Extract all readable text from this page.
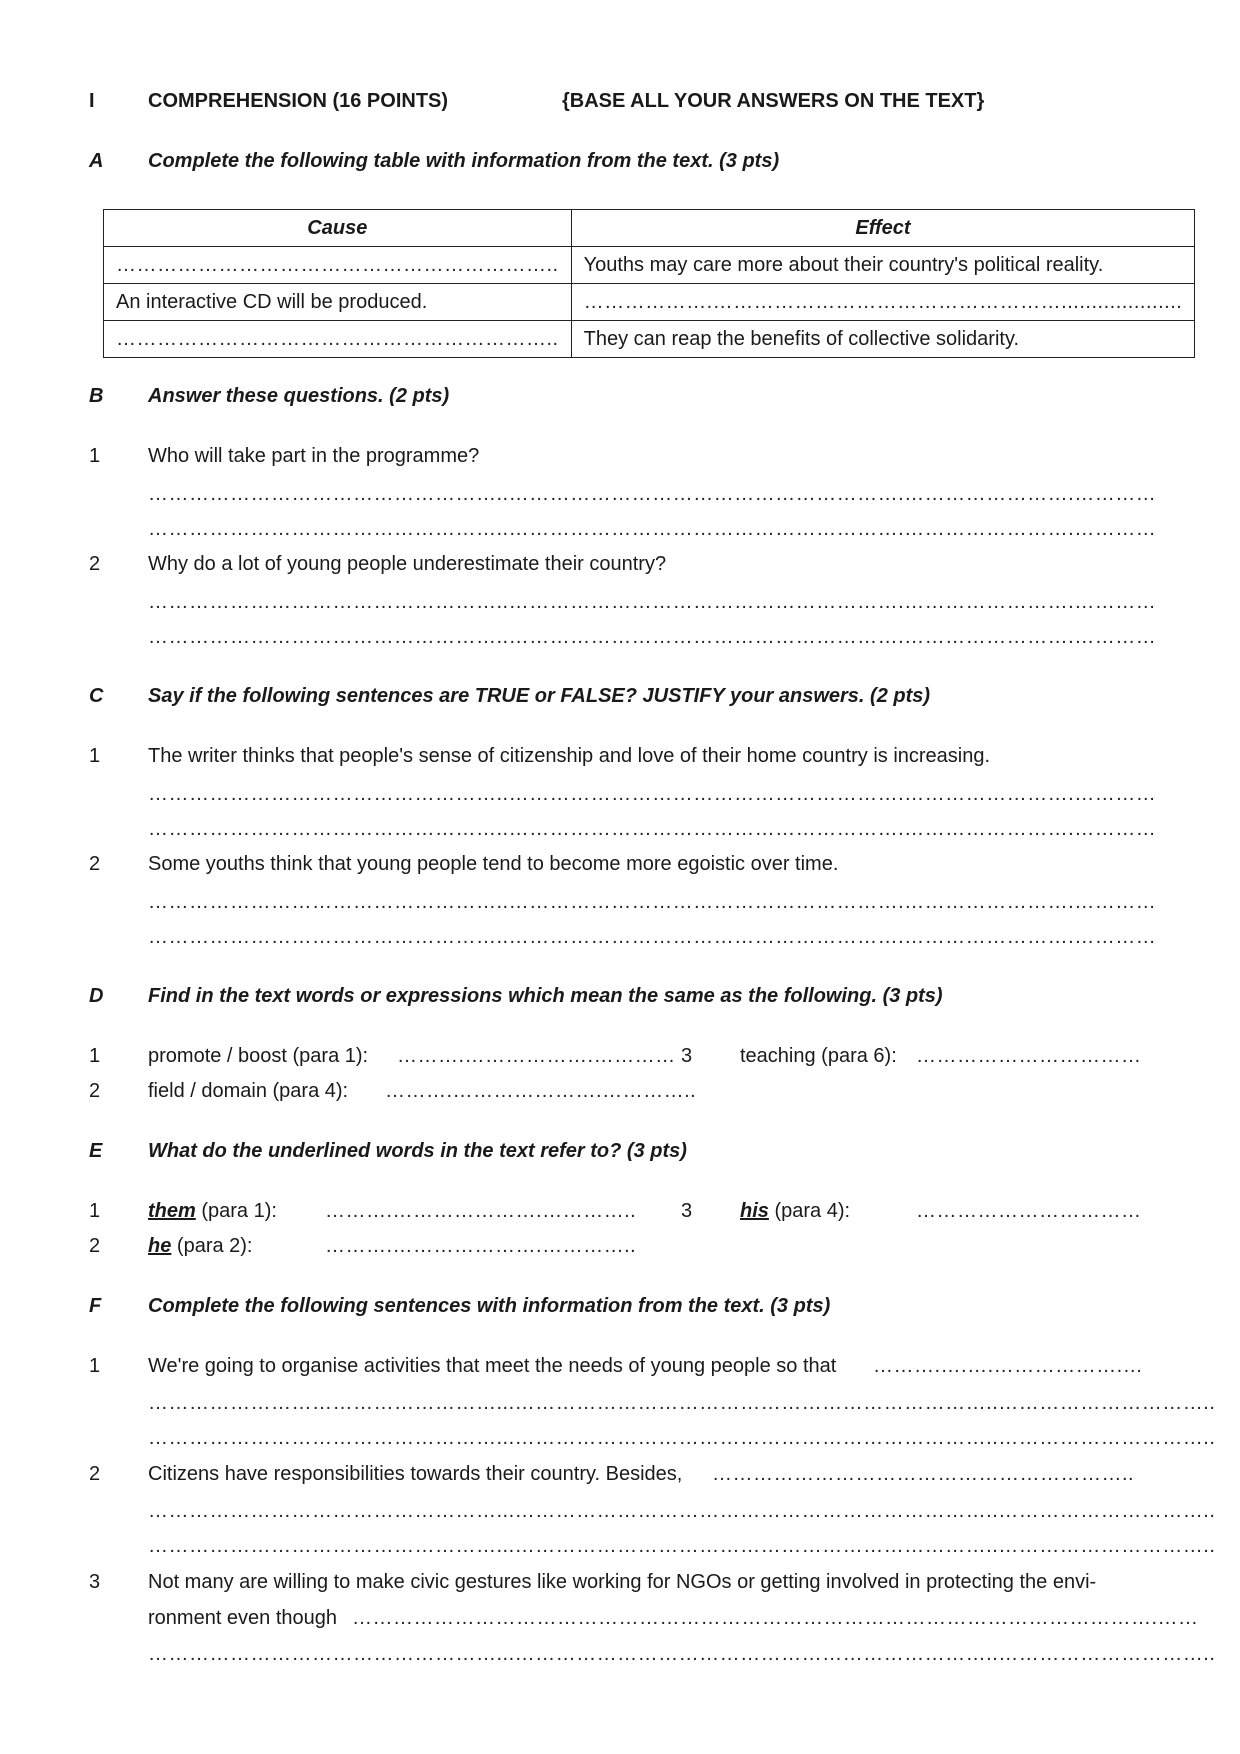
I	COMPREHENSION (16 POINTS)	{BASE ALL YOUR ANSWERS ON THE TEXT}
A Complete the following table with information from the text. (3 pts)
Cause	Effect
………………………………………………………..	Youths may care more about their country's political reality.
An interactive CD will be produced.	……………….……………………………………………....................
………………………………………………………..	They can reap the benefits of collective solidarity.
B Answer these questions. (2 pts)
1 Who will take part in the programme?
……………………………………………..………………………………………………….…………………….…………
……………………………………………..………………………………………………….…………………….…………
2 Why do a lot of young people underestimate their country?
……………………………………………..………………………………………………….…………………….…………
……………………………………………..………………………………………………….…………………….…………
C Say if the following sentences are TRUE or FALSE? JUSTIFY your answers. (2 pts)
1 The writer thinks that people's sense of citizenship and love of their home country is increasing.
……………………………………………..………………………………………………….…………………….…………
……………………………………………..………………………………………………….…………………….…………
2 Some youths think that young people tend to become more egoistic over time.
……………………………………………..………………………………………………….…………………….…………
……………………………………………..………………………………………………….…………………….…………
D Find in the text words or expressions which mean the same as the following. (3 pts)
1 promote / boost (para 1): ……….……………….………… 3 teaching (para 6): ……………………………
2 field / domain (para 4): ……….………………….…………..
E What do the underlined words in the text refer to? (3 pts)
1 them (para 1): ……….………………….………….. 3 his (para 4):	……………………………
2 he (para 2):	……….………………….…………..
F Complete the following sentences with information from the text. (3 pts)
1 We're going to organise activities that meet the needs of young people so that ……….….….……………….…
……………………………………………...……………………………………………………………..…………………………..
……………………………………………...……………………………………………………………..…………………………..
2 Citizens have responsibilities towards their country. Besides, ……………………………………………………..
……………………………………………...……………………………………………………………..…………………………..
……………………………………………...……………………………………………………………..…………………………..
3 Not many are willing to make civic gestures like working for NGOs or getting involved in protecting the envi-
ronment even though ……………………………………………………………………………………………………….……
……………………………………………...……………………………………………………………..…………………………..
